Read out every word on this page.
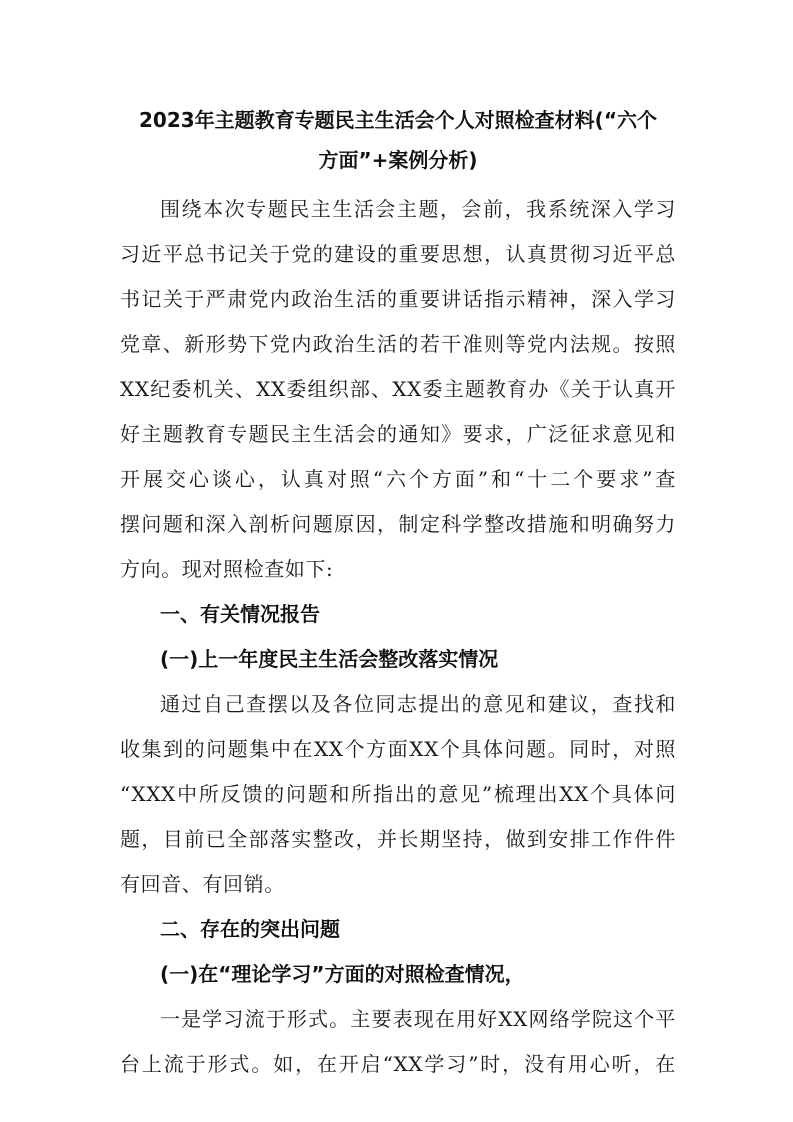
2023年主题教育专题民主生活会个人对照检查材料(“六个
方面”+案例分析)
围绕本次专题民主生活会主题，会前，我系统深入学习
习近平总书记关于党的建设的重要思想，认真贯彻习近平总
书记关于严肃党内政治生活的重要讲话指示精神，深入学习
党章、新形势下党内政治生活的若干准则等党内法规。按照
XX纪委机关、XX委组织部、XX委主题教育办《关于认真开
好主题教育专题民主生活会的通知》要求，广泛征求意见和
开展交心谈心，认真对照“六个方面”和“十二个要求”查
摆问题和深入剖析问题原因，制定科学整改措施和明确努力
方向。现对照检查如下:
一、有关情况报告
(一)上一年度民主生活会整改落实情况
通过自己查摆以及各位同志提出的意见和建议，查找和
收集到的问题集中在XX个方面XX个具体问题。同时，对照
“XXX中所反馈的问题和所指出的意见”梳理出XX个具体问
题，目前已全部落实整改，并长期坚持，做到安排工作件件
有回音、有回销。
二、存在的突出问题
(一)在“理论学习”方面的对照检查情况，
一是学习流于形式。主要表现在用好XX网络学院这个平
台上流于形式。如，在开启“XX学习”时，没有用心听，在
